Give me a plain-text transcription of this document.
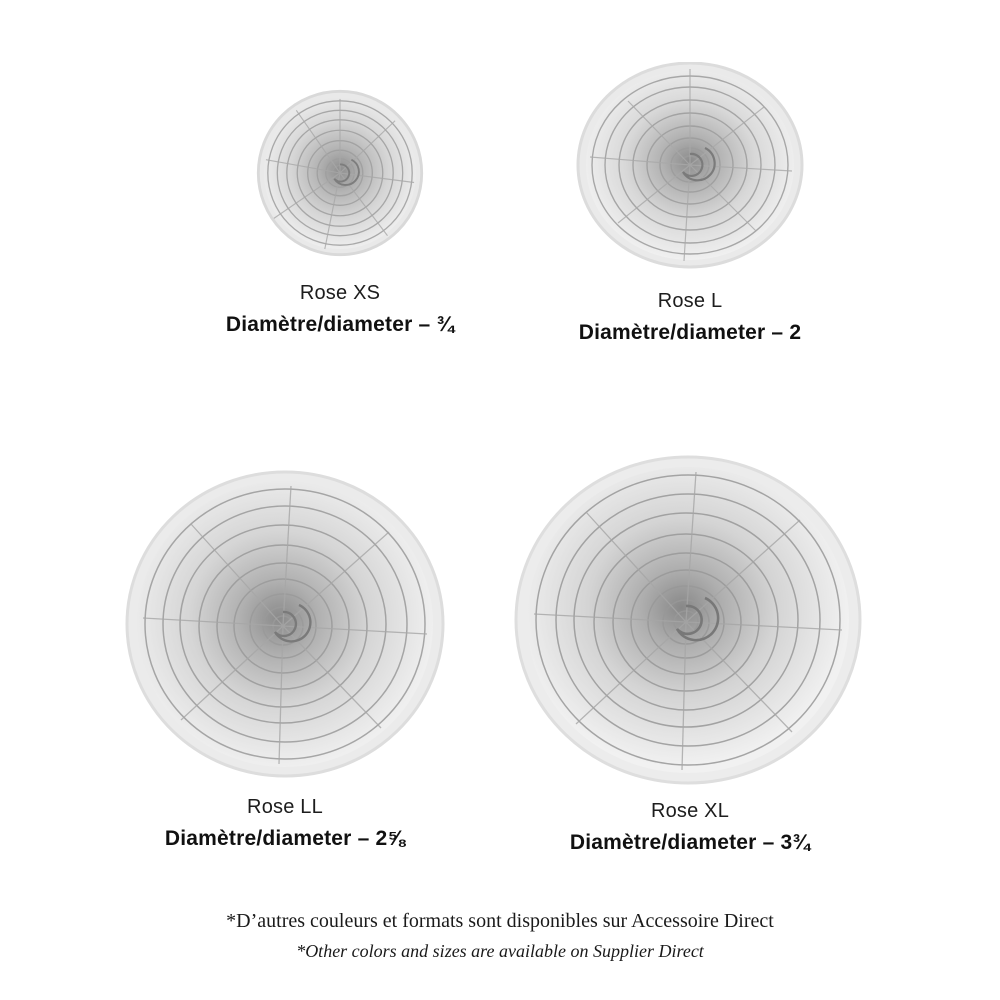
Rose XS
Diamètre/diameter – ¾
Rose L
Diamètre/diameter – 2
Rose LL
Diamètre/diameter – 2⅝
Rose XL
Diamètre/diameter – 3¾
*D’autres couleurs et formats sont disponibles sur Accessoire Direct
*Other colors and sizes are available on Supplier Direct
